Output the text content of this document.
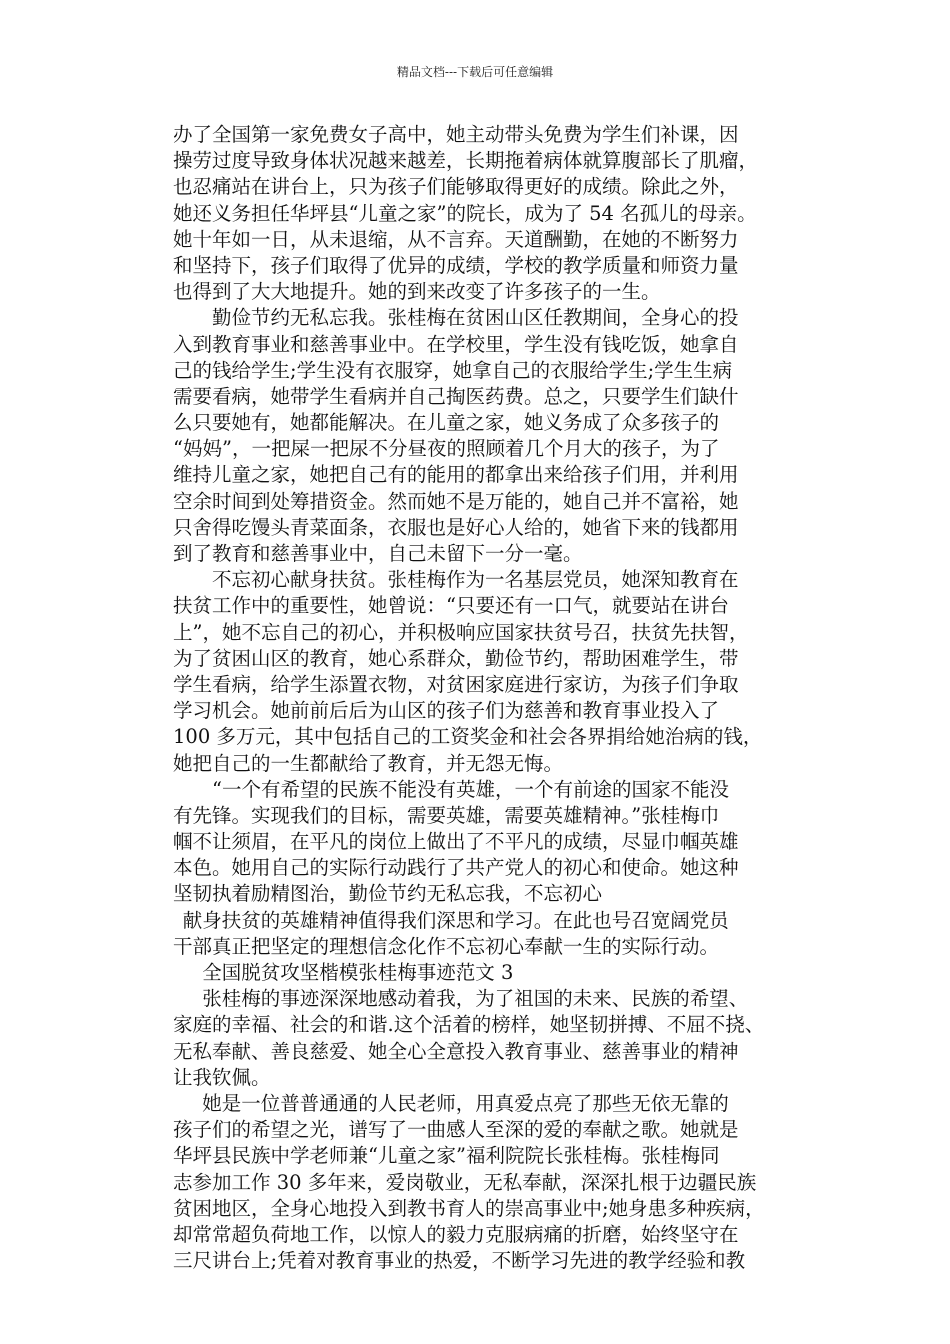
精品文档---下载后可任意编辑
办了全国第一家免费女子高中，她主动带头免费为学生们补课，因
操劳过度导致身体状况越来越差，长期拖着病体就算腹部长了肌瘤，
也忍痛站在讲台上，只为孩子们能够取得更好的成绩。除此之外，
她还义务担任华坪县“儿童之家”的院长，成为了 54 名孤儿的母亲。
她十年如一日，从未退缩，从不言弃。天道酬勤，在她的不断努力
和坚持下，孩子们取得了优异的成绩，学校的教学质量和师资力量
也得到了大大地提升。她的到来改变了许多孩子的一生。
勤俭节约无私忘我。张桂梅在贫困山区任教期间，全身心的投
入到教育事业和慈善事业中。在学校里，学生没有钱吃饭，她拿自
己的钱给学生;学生没有衣服穿，她拿自己的衣服给学生;学生生病
需要看病，她带学生看病并自己掏医药费。总之，只要学生们缺什
么只要她有，她都能解决。在儿童之家，她义务成了众多孩子的
“妈妈”，一把屎一把尿不分昼夜的照顾着几个月大的孩子，为了
维持儿童之家，她把自己有的能用的都拿出来给孩子们用，并利用
空余时间到处筹措资金。然而她不是万能的，她自己并不富裕，她
只舍得吃馒头青菜面条，衣服也是好心人给的，她省下来的钱都用
到了教育和慈善事业中，自己未留下一分一毫。
不忘初心献身扶贫。张桂梅作为一名基层党员，她深知教育在
扶贫工作中的重要性，她曾说：“只要还有一口气，就要站在讲台
上”，她不忘自己的初心，并积极响应国家扶贫号召，扶贫先扶智，
为了贫困山区的教育，她心系群众，勤俭节约，帮助困难学生，带
学生看病，给学生添置衣物，对贫困家庭进行家访，为孩子们争取
学习机会。她前前后后为山区的孩子们为慈善和教育事业投入了
100 多万元，其中包括自己的工资奖金和社会各界捐给她治病的钱，
她把自己的一生都献给了教育，并无怨无悔。
“一个有希望的民族不能没有英雄，一个有前途的国家不能没
有先锋。实现我们的目标，需要英雄，需要英雄精神。”张桂梅巾
帼不让须眉，在平凡的岗位上做出了不平凡的成绩，尽显巾帼英雄
本色。她用自己的实际行动践行了共产党人的初心和使命。她这种
坚韧执着励精图治，勤俭节约无私忘我，不忘初心
献身扶贫的英雄精神值得我们深思和学习。在此也号召宽阔党员
干部真正把坚定的理想信念化作不忘初心奉献一生的实际行动。
全国脱贫攻坚楷模张桂梅事迹范文 3
张桂梅的事迹深深地感动着我，为了祖国的未来、民族的希望、
家庭的幸福、社会的和谐.这个活着的榜样，她坚韧拼搏、不屈不挠、
无私奉献、善良慈爱、她全心全意投入教育事业、慈善事业的精神
让我钦佩。
她是一位普普通通的人民老师，用真爱点亮了那些无依无靠的
孩子们的希望之光，谱写了一曲感人至深的爱的奉献之歌。她就是
华坪县民族中学老师兼“儿童之家”福利院院长张桂梅。张桂梅同
志参加工作 30 多年来，爱岗敬业，无私奉献，深深扎根于边疆民族
贫困地区，全身心地投入到教书育人的崇高事业中;她身患多种疾病，
却常常超负荷地工作，以惊人的毅力克服病痛的折磨，始终坚守在
三尺讲台上;凭着对教育事业的热爱，不断学习先进的教学经验和教
